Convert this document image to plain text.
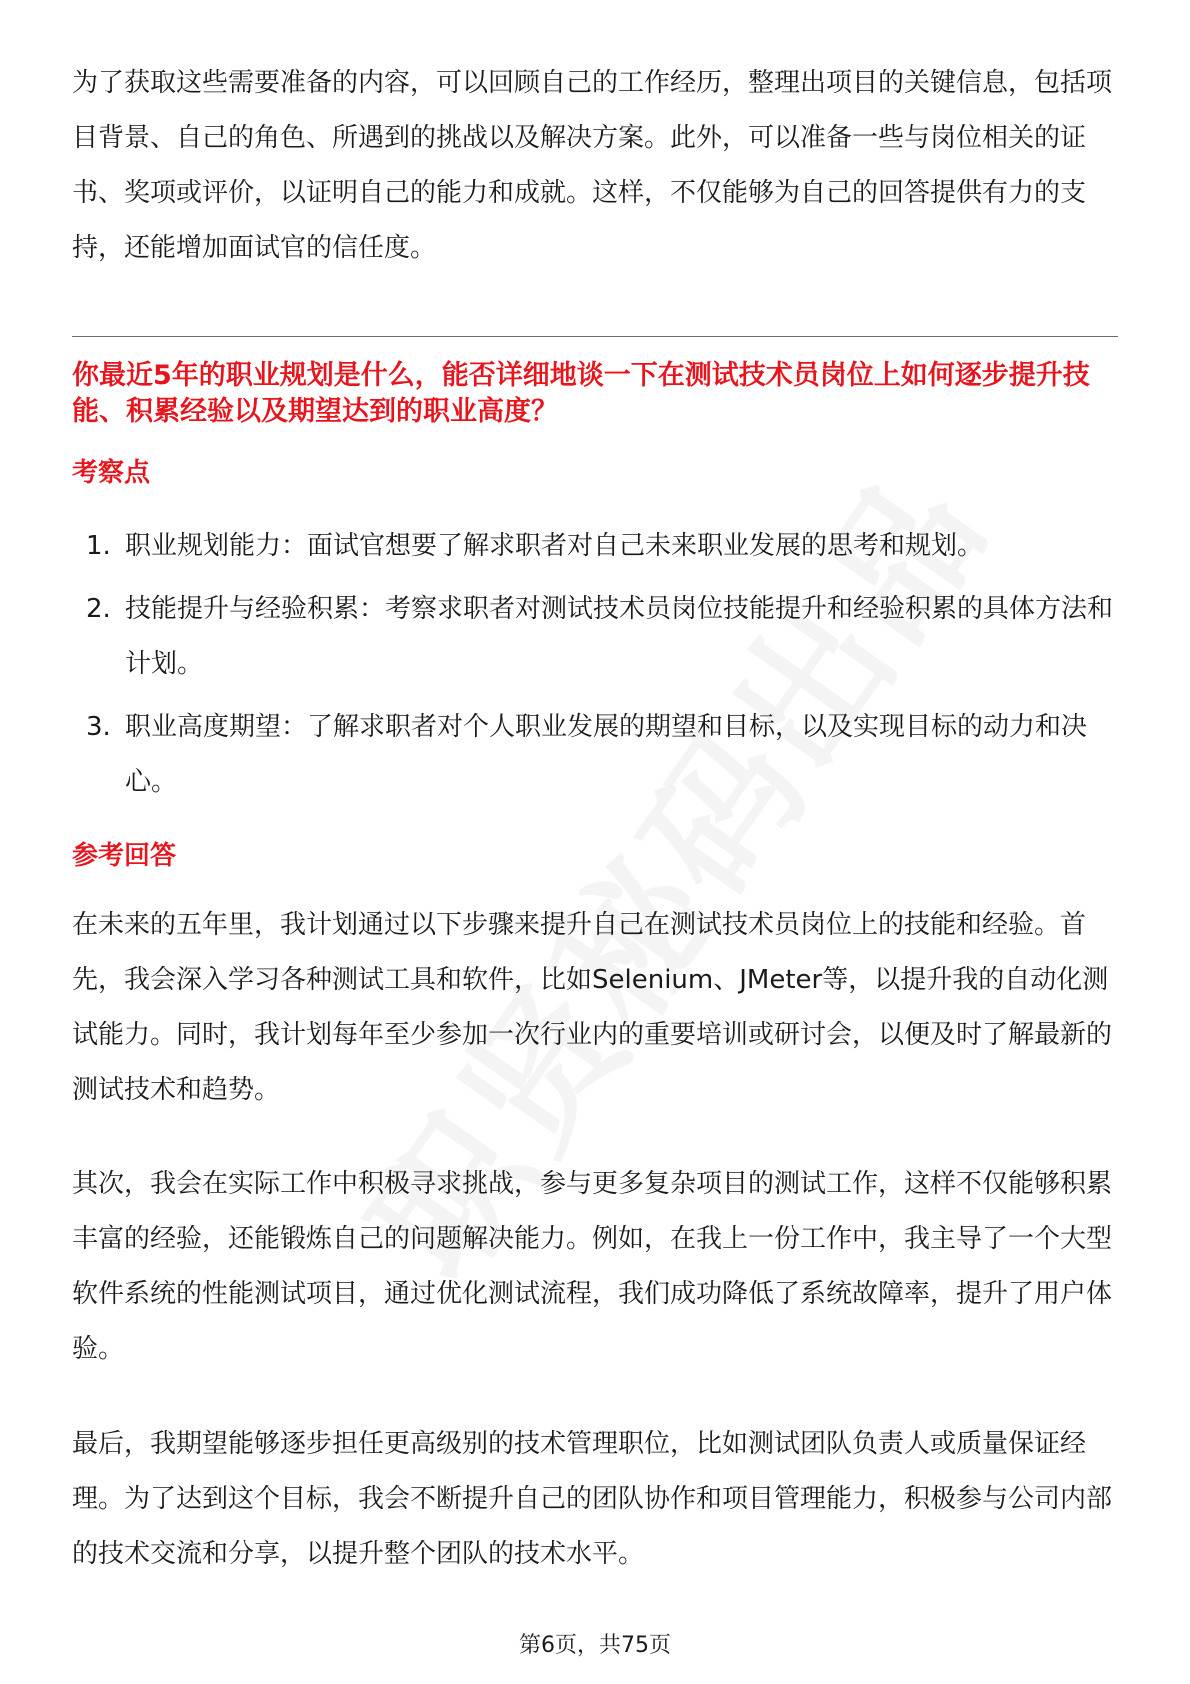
为了获取这些需要准备的内容，可以回顾自己的工作经历，整理出项目的关键信息，包括项目背景、自己的角色、所遇到的挑战以及解决方案。此外，可以准备一些与岗位相关的证书、奖项或评价，以证明自己的能力和成就。这样，不仅能够为自己的回答提供有力的支持，还能增加面试官的信任度。

你最近5年的职业规划是什么，能否详细地谈一下在测试技术员岗位上如何逐步提升技能、积累经验以及期望达到的职业高度？

考察点

1. 职业规划能力：面试官想要了解求职者对自己未来职业发展的思考和规划。
2. 技能提升与经验积累：考察求职者对测试技术员岗位技能提升和经验积累的具体方法和计划。
3. 职业高度期望：了解求职者对个人职业发展的期望和目标，以及实现目标的动力和决心。

参考回答

在未来的五年里，我计划通过以下步骤来提升自己在测试技术员岗位上的技能和经验。首先，我会深入学习各种测试工具和软件，比如Selenium、JMeter等，以提升我的自动化测试能力。同时，我计划每年至少参加一次行业内的重要培训或研讨会，以便及时了解最新的测试技术和趋势。

其次，我会在实际工作中积极寻求挑战，参与更多复杂项目的测试工作，这样不仅能够积累丰富的经验，还能锻炼自己的问题解决能力。例如，在我上一份工作中，我主导了一个大型软件系统的性能测试项目，通过优化测试流程，我们成功降低了系统故障率，提升了用户体验。

最后，我期望能够逐步担任更高级别的技术管理职位，比如测试团队负责人或质量保证经理。为了达到这个目标，我会不断提升自己的团队协作和项目管理能力，积极参与公司内部的技术交流和分享，以提升整个团队的技术水平。

第6页，共75页
